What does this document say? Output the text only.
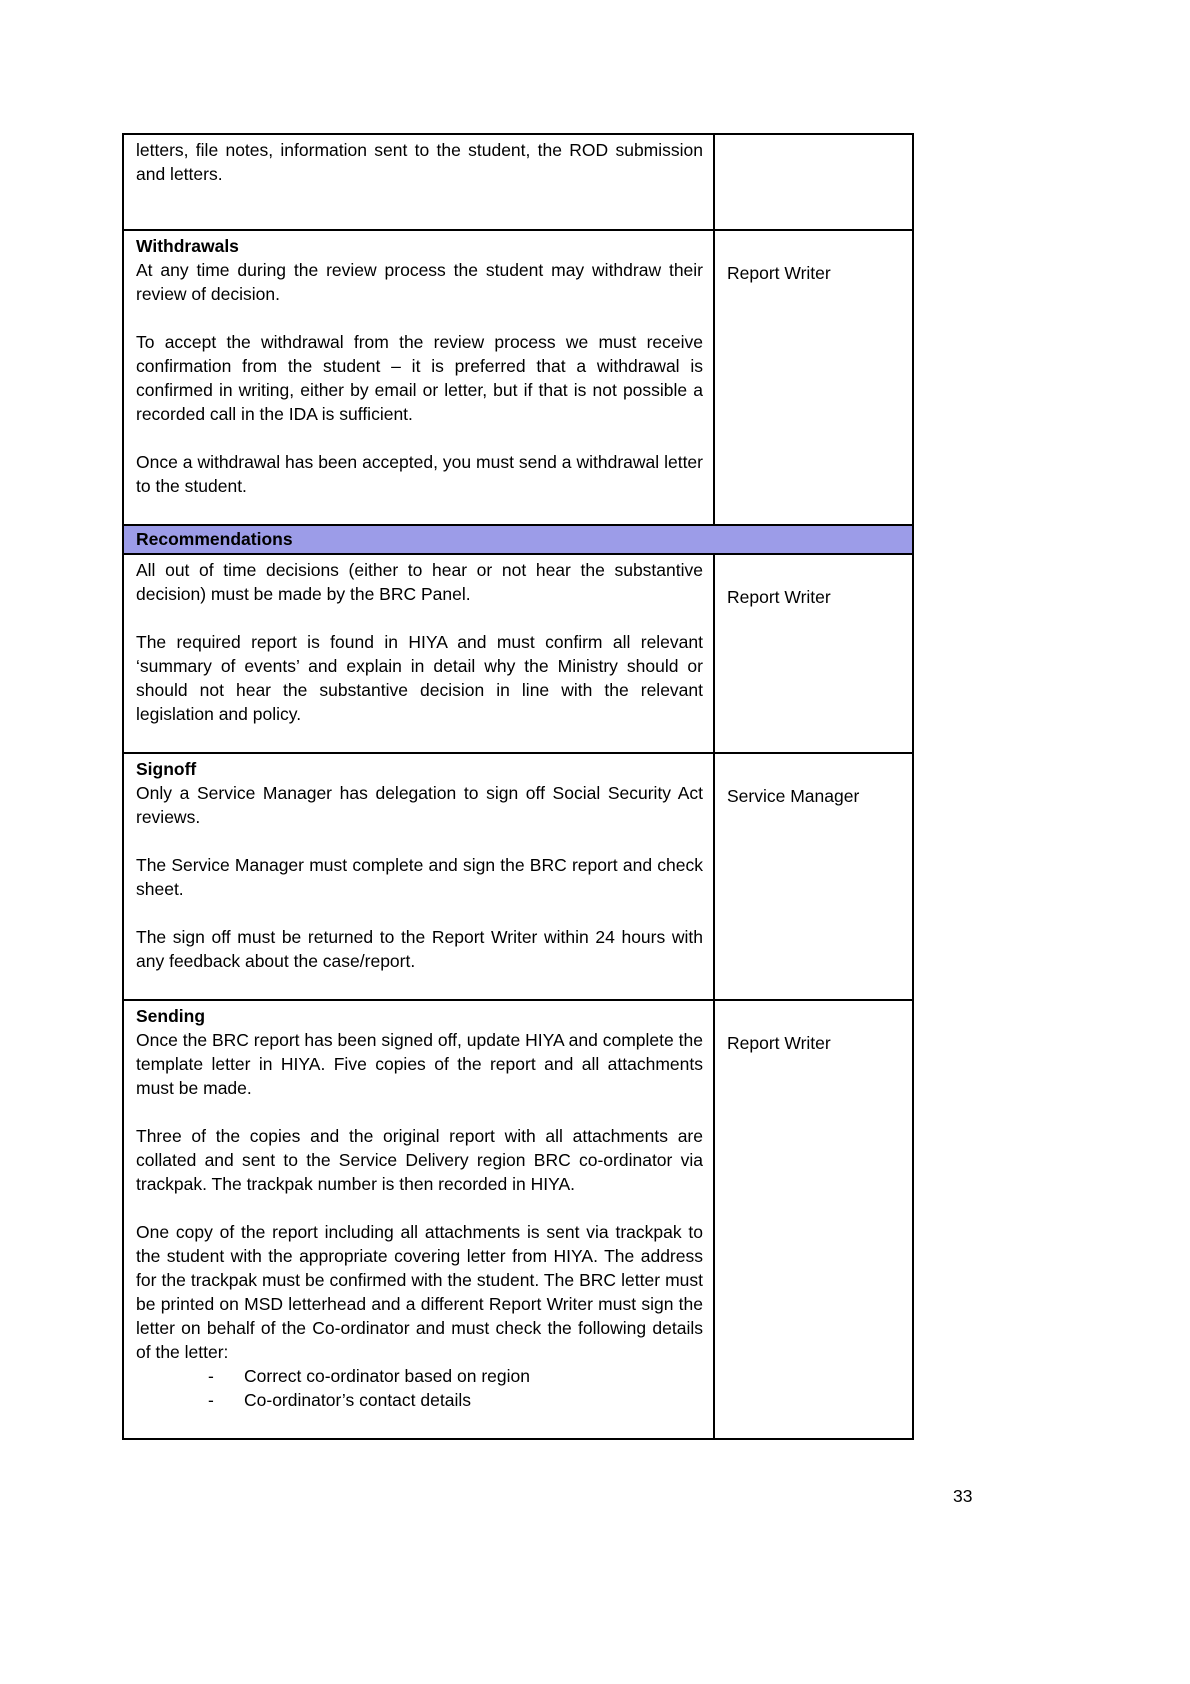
letters, file notes, information sent to the student, the ROD submission and letters.	

Withdrawals

At any time during the review process the student may withdraw their review of decision.

To accept the withdrawal from the review process we must receive confirmation from the student – it is preferred that a withdrawal is confirmed in writing, either by email or letter, but if that is not possible a recorded call in the IDA is sufficient.

Once a withdrawal has been accepted, you must send a withdrawal letter to the student.	Report Writer
Recommendations	

All out of time decisions (either to hear or not hear the substantive decision) must be made by the BRC Panel.

The required report is found in HIYA and must confirm all relevant ‘summary of events’ and explain in detail why the Ministry should or should not hear the substantive decision in line with the relevant legislation and policy.	Report Writer

Signoff

Only a Service Manager has delegation to sign off Social Security Act reviews.

The Service Manager must complete and sign the BRC report and check sheet.

The sign off must be returned to the Report Writer within 24 hours with any feedback about the case/report.	Service Manager

Sending

Once the BRC report has been signed off, update HIYA and complete the template letter in HIYA. Five copies of the report and all attachments must be made.

Three of the copies and the original report with all attachments are collated and sent to the Service Delivery region BRC co-ordinator via trackpak. The trackpak number is then recorded in HIYA.

One copy of the report including all attachments is sent via trackpak to the student with the appropriate covering letter from HIYA. The address for the trackpak must be confirmed with the student. The BRC letter must be printed on MSD letterhead and a different Report Writer must sign the letter on behalf of the Co-ordinator and must check the following details of the letter:

-	Correct co-ordinator based on region
-	Co-ordinator’s contact details
	Report Writer
33
